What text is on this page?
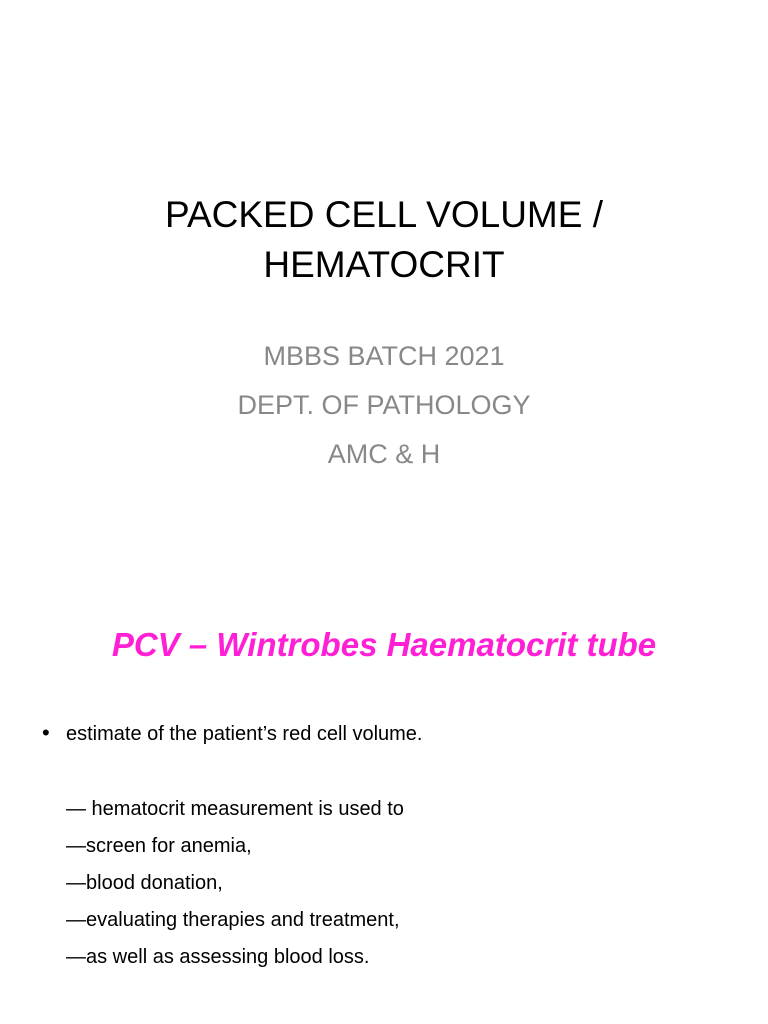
PACKED CELL VOLUME /
HEMATOCRIT
MBBS BATCH 2021
DEPT. OF PATHOLOGY
AMC & H
PCV – Wintrobes Haematocrit tube
• estimate of the patient’s red cell volume.
— hematocrit measurement is used to
—screen for anemia,
—blood donation,
—evaluating therapies and treatment,
—as well as assessing blood loss.
